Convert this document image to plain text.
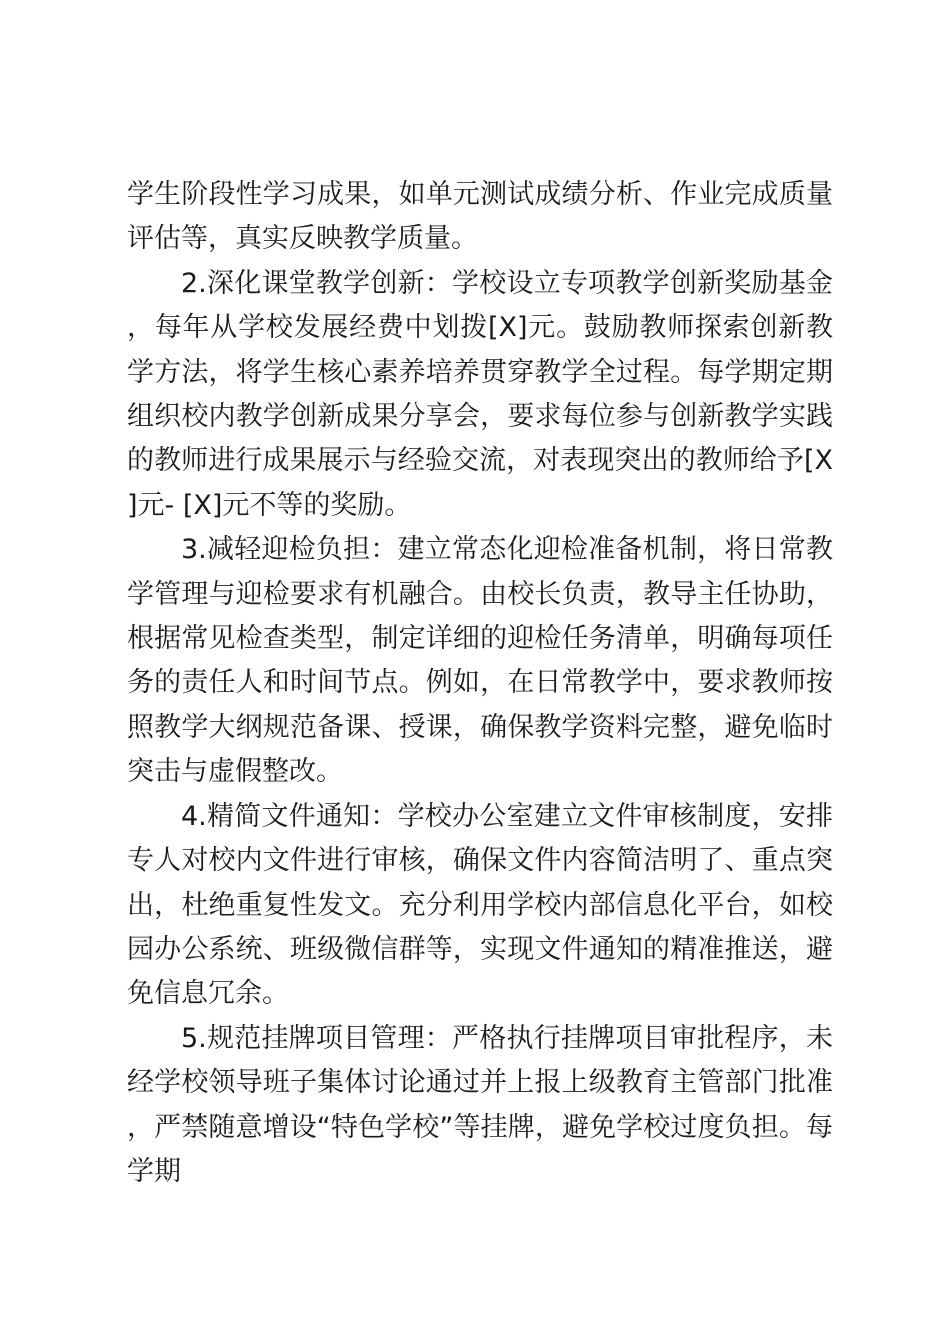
学生阶段性学习成果，如单元测试成绩分析、作业完成质量评估等，真实反映教学质量。

2.深化课堂教学创新：学校设立专项教学创新奖励基金，每年从学校发展经费中划拨[X]元。鼓励教师探索创新教学方法，将学生核心素养培养贯穿教学全过程。每学期定期组织校内教学创新成果分享会，要求每位参与创新教学实践的教师进行成果展示与经验交流，对表现突出的教师给予[X]元- [X]元不等的奖励。

3.减轻迎检负担：建立常态化迎检准备机制，将日常教学管理与迎检要求有机融合。由校长负责，教导主任协助，根据常见检查类型，制定详细的迎检任务清单，明确每项任务的责任人和时间节点。例如，在日常教学中，要求教师按照教学大纲规范备课、授课，确保教学资料完整，避免临时突击与虚假整改。

4.精简文件通知：学校办公室建立文件审核制度，安排专人对校内文件进行审核，确保文件内容简洁明了、重点突出，杜绝重复性发文。充分利用学校内部信息化平台，如校园办公系统、班级微信群等，实现文件通知的精准推送，避免信息冗余。

5.规范挂牌项目管理：严格执行挂牌项目审批程序，未经学校领导班子集体讨论通过并上报上级教育主管部门批准，严禁随意增设“特色学校”等挂牌，避免学校过度负担。每学期
